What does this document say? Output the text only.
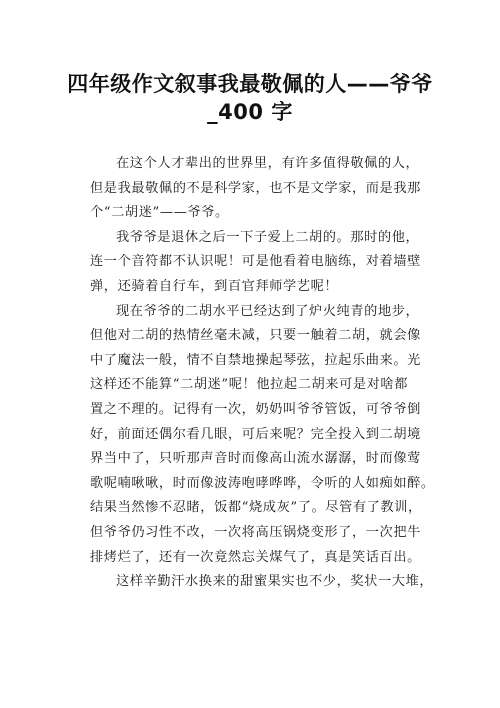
四年级作文叙事我最敬佩的人——爷爷
_400 字
在这个人才辈出的世界里，有许多值得敬佩的人，
但是我最敬佩的不是科学家，也不是文学家，而是我那
个“二胡迷”——爷爷。
我爷爷是退休之后一下子爱上二胡的。那时的他，
连一个音符都不认识呢！可是他看着电脑练，对着墙壁
弹，还骑着自行车，到百官拜师学艺呢！
现在爷爷的二胡水平已经达到了炉火纯青的地步，
但他对二胡的热情丝毫未减，只要一触着二胡，就会像
中了魔法一般，情不自禁地操起琴弦，拉起乐曲来。光
这样还不能算“二胡迷”呢！他拉起二胡来可是对啥都
置之不理的。记得有一次，奶奶叫爷爷管饭，可爷爷倒
好，前面还偶尔看几眼，可后来呢？完全投入到二胡境
界当中了，只听那声音时而像高山流水潺潺，时而像莺
歌呢喃啾啾，时而像波涛咆哮哗哗，令听的人如痴如醉。
结果当然惨不忍睹，饭都“烧成灰”了。尽管有了教训，
但爷爷仍习性不改，一次将高压锅烧变形了，一次把牛
排烤烂了，还有一次竟然忘关煤气了，真是笑话百出。
这样辛勤汗水换来的甜蜜果实也不少，奖状一大堆，
